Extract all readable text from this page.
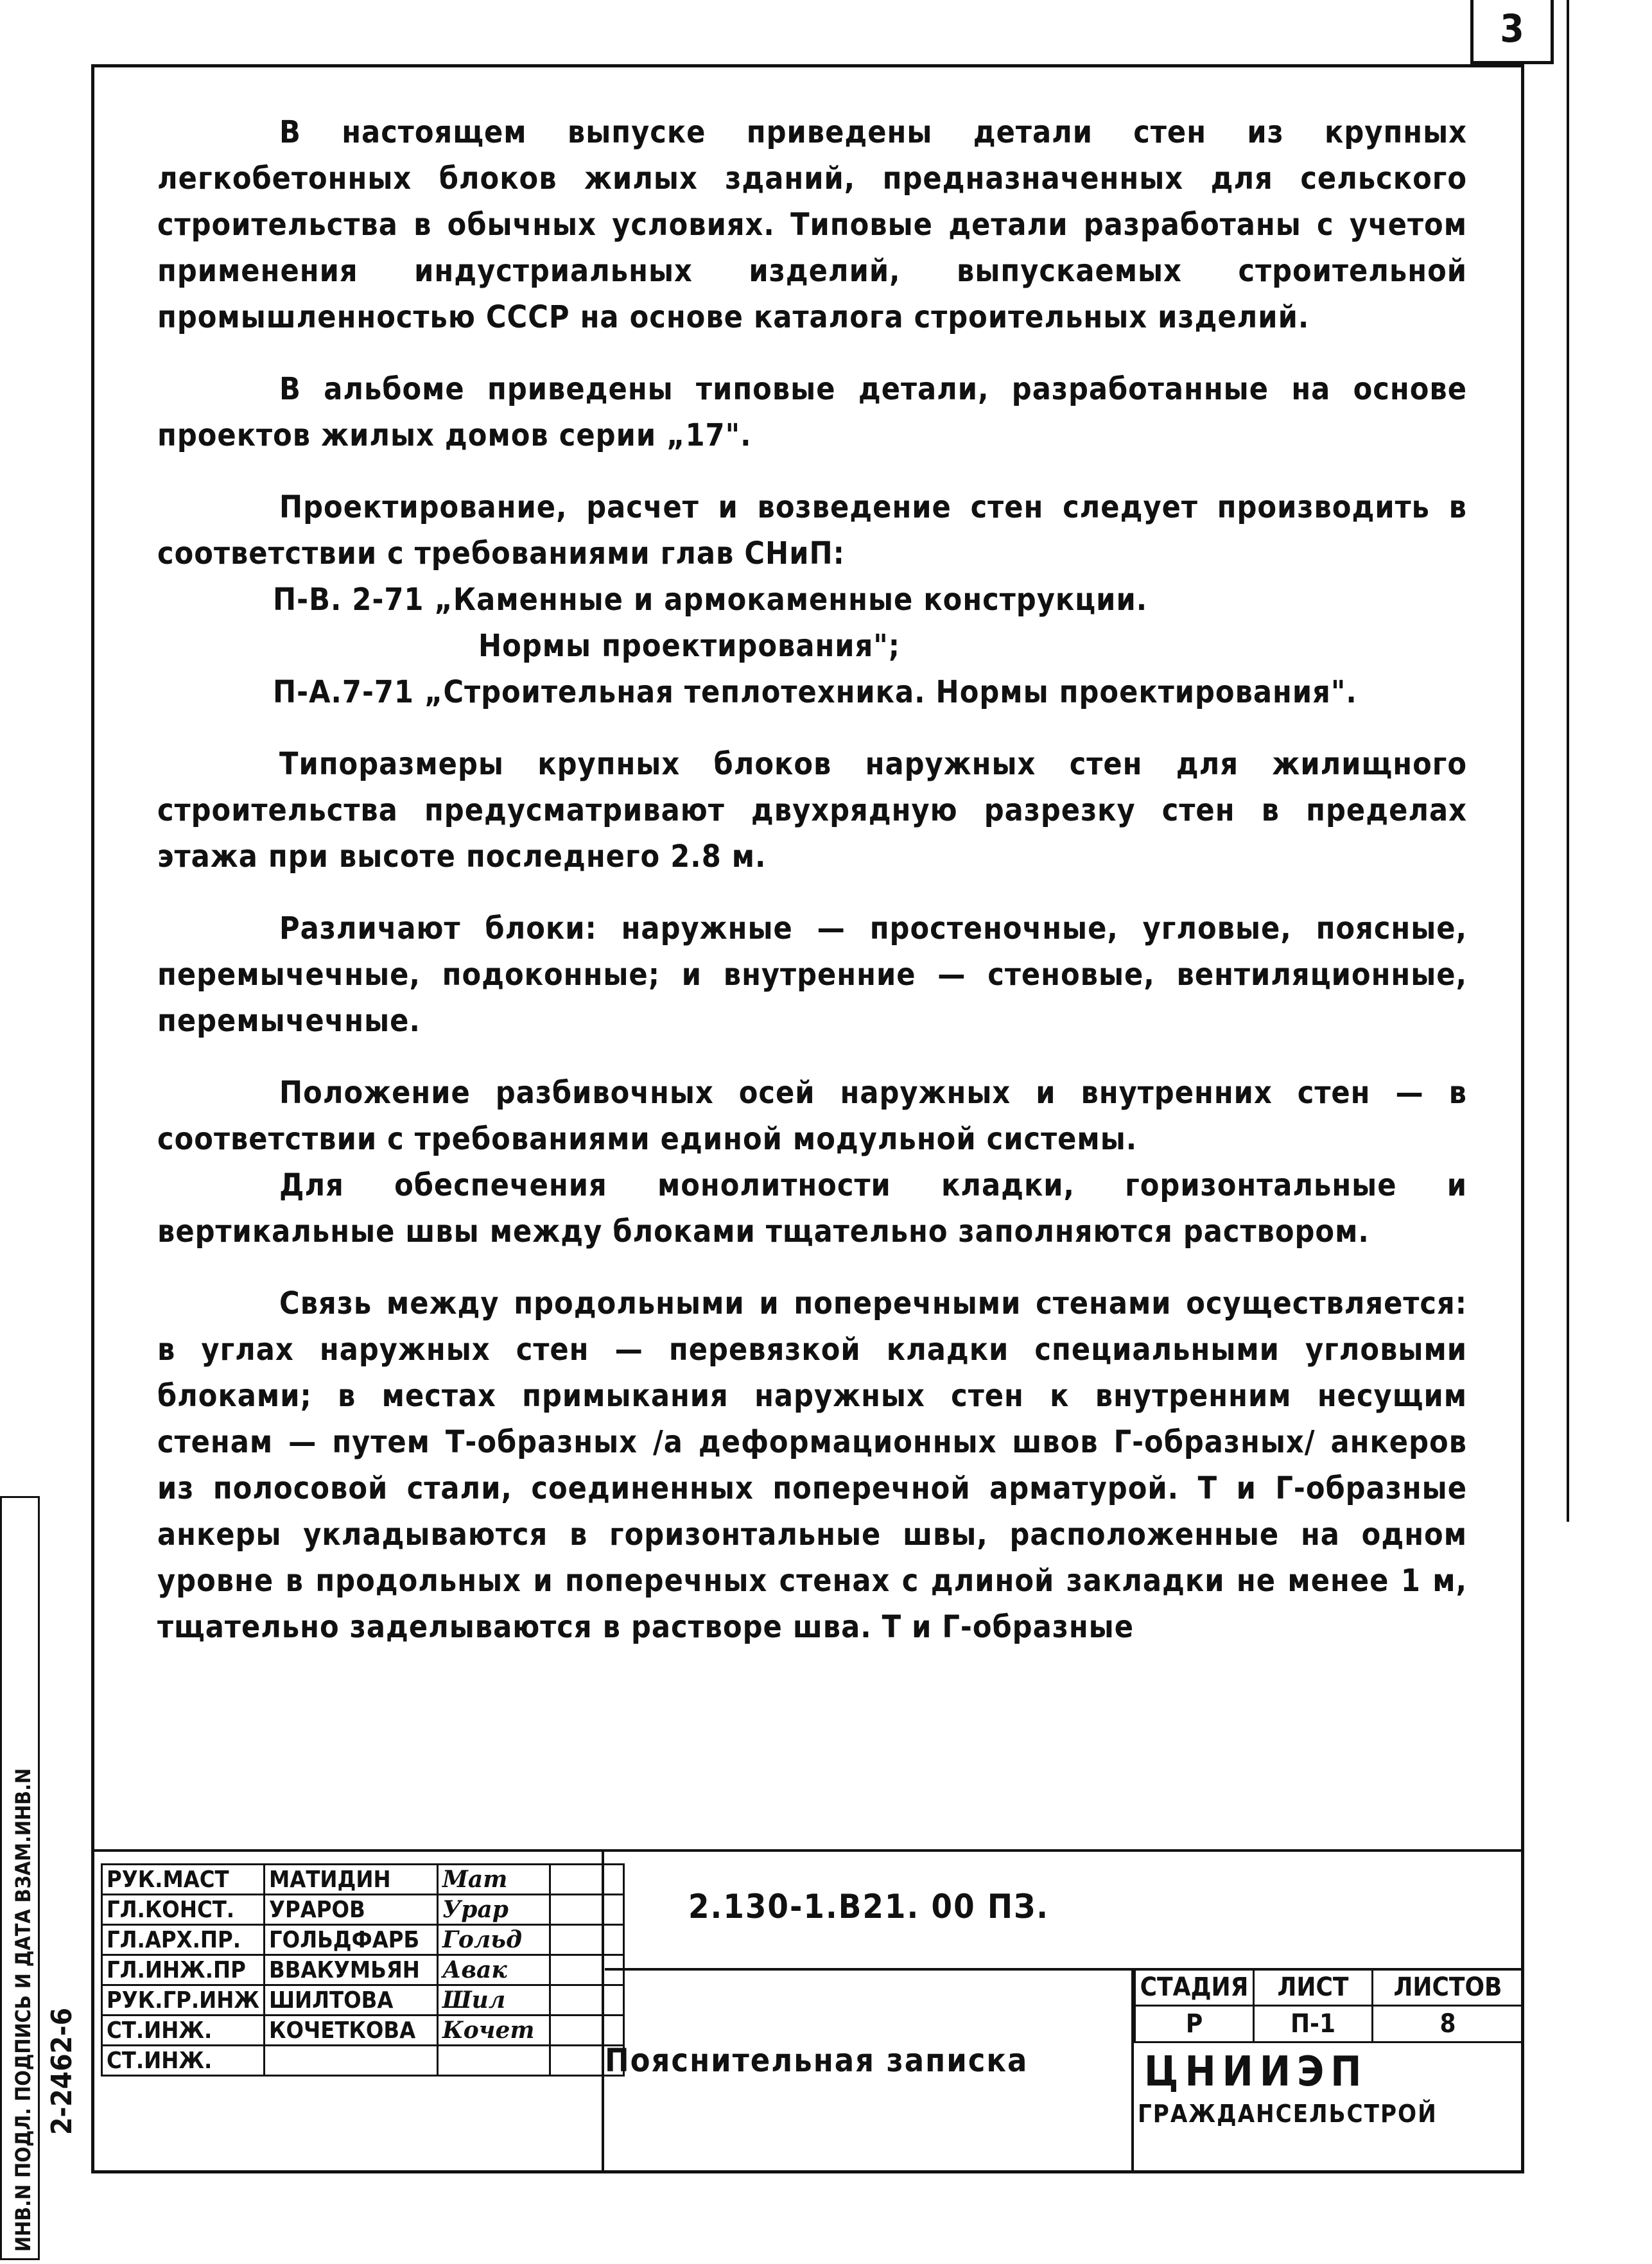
3

В настоящем выпуске приведены детали стен из крупных легкобетонных блоков жилых зданий, предназначенных для сельского строительства в обычных условиях. Типовые детали разработаны с учетом применения индустриальных изделий, выпускаемых строительной промышленностью СССР на основе каталога строительных изделий.

В альбоме приведены типовые детали, разработанные на основе проектов жилых домов серии „17".

Проектирование, расчет и возведение стен следует производить в соответствии с требованиями глав СНиП:

П-В. 2-71 „Каменные и армокаменные конструкции.

Нормы проектирования";

П-А.7-71 „Строительная теплотехника. Нормы проектирования".

Типоразмеры крупных блоков наружных стен для жилищного строительства предусматривают двухрядную разрезку стен в пределах этажа при высоте последнего 2.8 м.

Различают блоки: наружные — простеночные, угловые, поясные, перемычечные, подоконные; и внутренние — стеновые, вентиляционные, перемычечные.

Положение разбивочных осей наружных и внутренних стен — в соответствии с требованиями единой модульной системы.

Для обеспечения монолитности кладки, горизонтальные и вертикальные швы между блоками тщательно заполняются раствором.

Связь между продольными и поперечными стенами осуществляется: в углах наружных стен — перевязкой кладки специальными угловыми блоками; в местах примыкания наружных стен к внутренним несущим стенам — путем Т-образных /а деформационных швов Г-образных/ анкеров из полосовой стали, соединенных поперечной арматурой. Т и Г-образные анкеры укладываются в горизонтальные швы, расположенные на одном уровне в продольных и поперечных стенах с длиной закладки не менее 1 м, тщательно заделываются в растворе шва. Т и Г-образные

РУК.МАСТ	МАТИДИН	Мат	
ГЛ.КОНСТ.	УРАРОВ	Урар	
ГЛ.АРХ.ПР.	ГОЛЬДФАРБ	Гольд	
ГЛ.ИНЖ.ПР	ВВАКУМЬЯН	Авак	
РУК.ГР.ИНЖ	ШИЛТОВА	Шил	
СТ.ИНЖ.	КОЧЕТКОВА	Кочет	
СТ.ИНЖ.			
2.130-1.В21. 00 ПЗ.
Пояснительная записка
СТАДИЯ	ЛИСТ	ЛИСТОВ
Р	П-1	8
ЦНИИЭП
ГРАЖДАНСЕЛЬСТРОЙ
ИНВ.N ПОДЛ. ПОДПИСЬ И ДАТА ВЗАМ.ИНВ.N 2-2462-6
